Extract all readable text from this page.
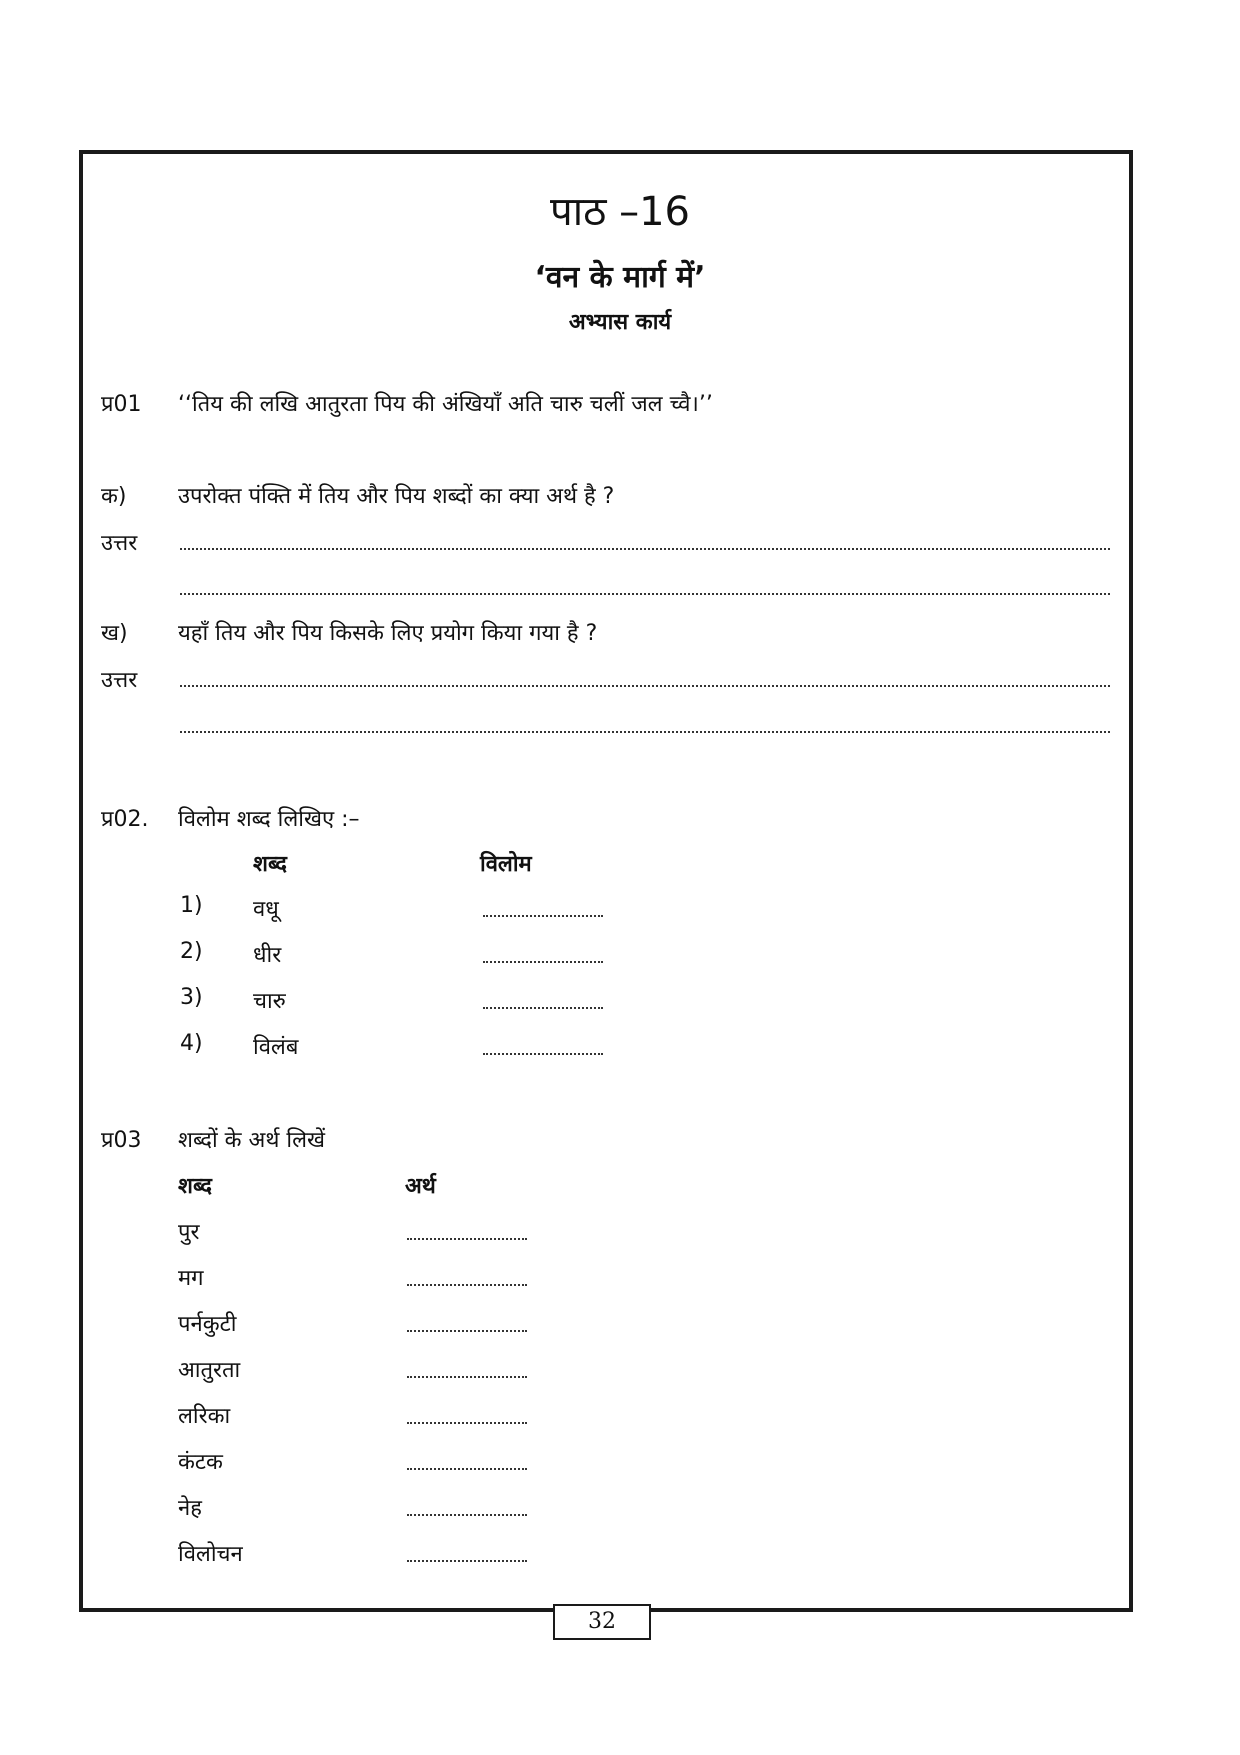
पाठ –16
‘वन के मार्ग में’
अभ्यास कार्य
प्र01 ‘‘तिय की लखि आतुरता पिय की अंखियाँ अति चारु चलीं जल च्वै।’’
क) उपरोक्त पंक्ति में तिय और पिय शब्दों का क्या अर्थ है ?
उत्तर
ख) यहाँ तिय और पिय किसके लिए प्रयोग किया गया है ?
उत्तर
प्र02. विलोम शब्द लिखिए :–
शब्द	विलोम
1) वधू
2) धीर
3) चारु
4) विलंब
प्र03 शब्दों के अर्थ लिखें
शब्द	अर्थ
पुर
मग
पर्नकुटी
आतुरता
लरिका
कंटक
नेह
विलोचन
32
